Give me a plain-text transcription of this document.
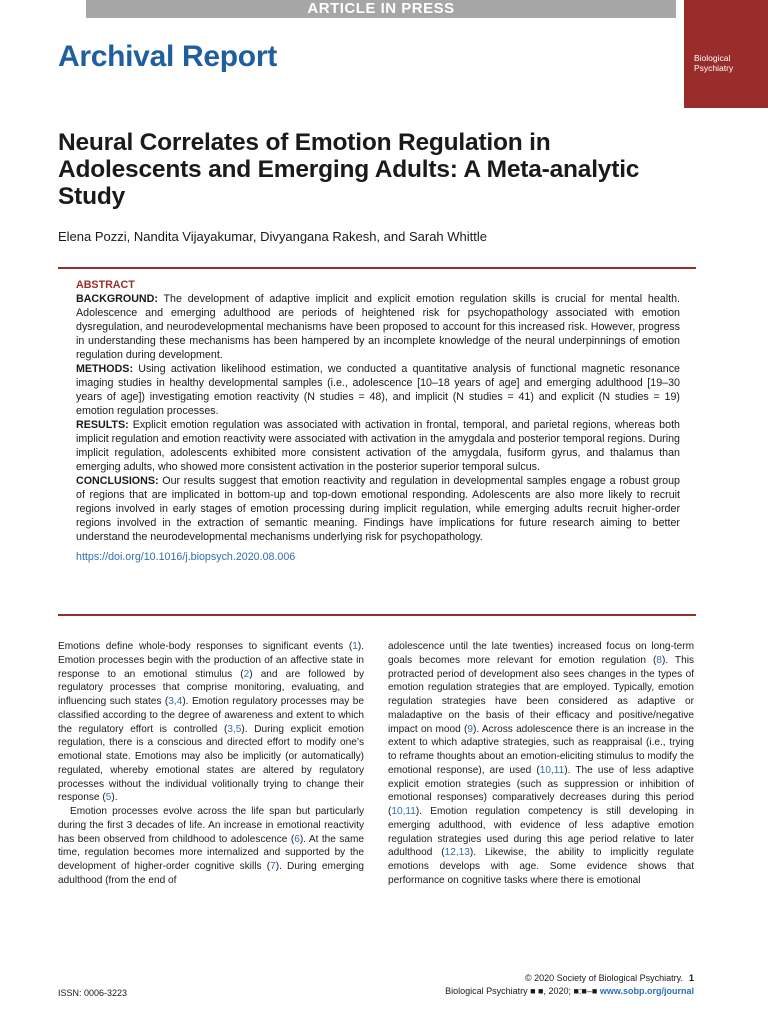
ARTICLE IN PRESS
Biological Psychiatry
Archival Report
Neural Correlates of Emotion Regulation in Adolescents and Emerging Adults: A Meta-analytic Study
Elena Pozzi, Nandita Vijayakumar, Divyangana Rakesh, and Sarah Whittle
ABSTRACT

BACKGROUND: The development of adaptive implicit and explicit emotion regulation skills is crucial for mental health. Adolescence and emerging adulthood are periods of heightened risk for psychopathology associated with emotion dysregulation, and neurodevelopmental mechanisms have been proposed to account for this increased risk. However, progress in understanding these mechanisms has been hampered by an incomplete knowledge of the neural underpinnings of emotion regulation during development.

METHODS: Using activation likelihood estimation, we conducted a quantitative analysis of functional magnetic resonance imaging studies in healthy developmental samples (i.e., adolescence [10–18 years of age] and emerging adulthood [19–30 years of age]) investigating emotion reactivity (N studies = 48), and implicit (N studies = 41) and explicit (N studies = 19) emotion regulation processes.

RESULTS: Explicit emotion regulation was associated with activation in frontal, temporal, and parietal regions, whereas both implicit regulation and emotion reactivity were associated with activation in the amygdala and posterior temporal regions. During implicit regulation, adolescents exhibited more consistent activation of the amygdala, fusiform gyrus, and thalamus than emerging adults, who showed more consistent activation in the posterior superior temporal sulcus.

CONCLUSIONS: Our results suggest that emotion reactivity and regulation in developmental samples engage a robust group of regions that are implicated in bottom-up and top-down emotional responding. Adolescents are also more likely to recruit regions involved in early stages of emotion processing during implicit regulation, while emerging adults recruit higher-order regions involved in the extraction of semantic meaning. Findings have implications for future research aiming to better understand the neurodevelopmental mechanisms underlying risk for psychopathology.

https://doi.org/10.1016/j.biopsych.2020.08.006

Emotions define whole-body responses to significant events (1). Emotion processes begin with the production of an affective state in response to an emotional stimulus (2) and are followed by regulatory processes that comprise monitoring, evaluating, and influencing such states (3,4). Emotion regulatory processes may be classified according to the degree of awareness and extent to which the regulatory effort is controlled (3,5). During explicit emotion regulation, there is a conscious and directed effort to modify one’s emotional state. Emotions may also be implicitly (or automatically) regulated, whereby emotional states are altered by regulatory processes without the individual volitionally trying to change their response (5).

Emotion processes evolve across the life span but particularly during the first 3 decades of life. An increase in emotional reactivity has been observed from childhood to adolescence (6). At the same time, regulation becomes more internalized and supported by the development of higher-order cognitive skills (7). During emerging adulthood (from the end of

adolescence until the late twenties) increased focus on long-term goals becomes more relevant for emotion regulation (8). This protracted period of development also sees changes in the types of emotion regulation strategies that are employed. Typically, emotion regulation strategies have been considered as adaptive or maladaptive on the basis of their efficacy and positive/negative impact on mood (9). Across adolescence there is an increase in the extent to which adaptive strategies, such as reappraisal (i.e., trying to reframe thoughts about an emotion-eliciting stimulus to modify the emotional response), are used (10,11). The use of less adaptive explicit emotion strategies (such as suppression or inhibition of emotional responses) comparatively decreases during this period (10,11). Emotion regulation competency is still developing in emerging adulthood, with evidence of less adaptive emotion regulation strategies used during this age period relative to later adulthood (12,13). Likewise, the ability to implicitly regulate emotions develops with age. Some evidence shows that performance on cognitive tasks where there is emotional

ISSN: 0006-3223
© 2020 Society of Biological Psychiatry. 1
Biological Psychiatry ■ ■, 2020; ■:■–■ www.sobp.org/journal
